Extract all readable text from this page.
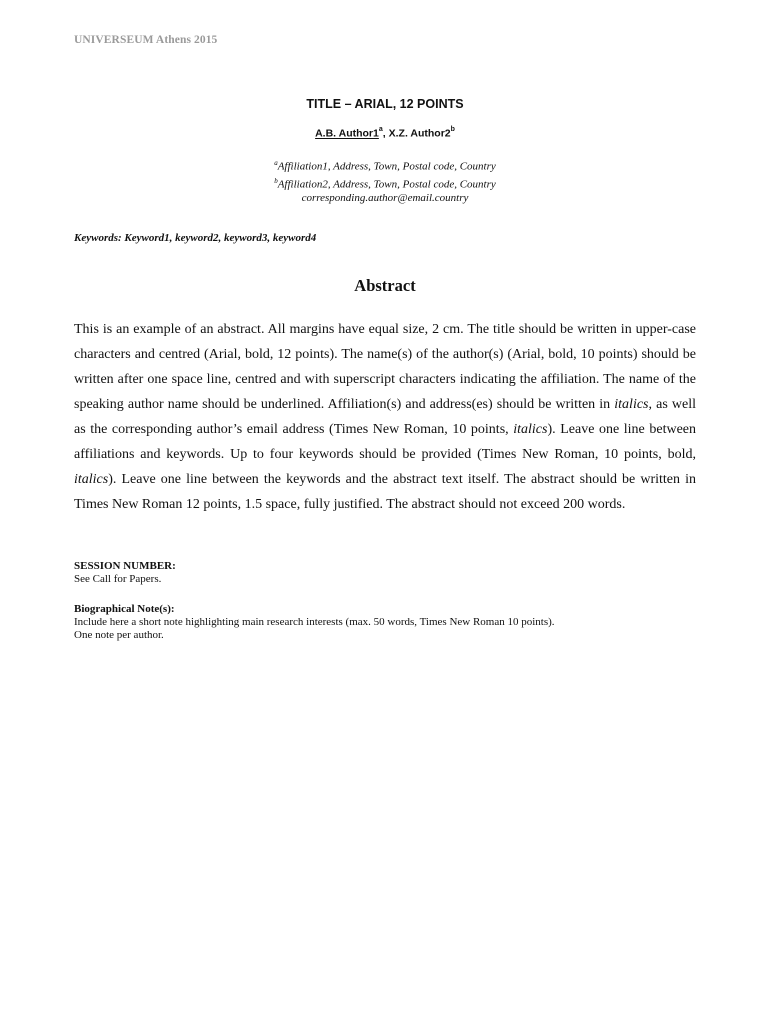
UNIVERSEUM Athens 2015
TITLE – ARIAL, 12 POINTS
A.B. Author1$^a$, X.Z. Author2$^b$
$^a$Affiliation1, Address, Town, Postal code, Country
$^b$Affiliation2, Address, Town, Postal code, Country
corresponding.author@email.country
Keywords: Keyword1, keyword2, keyword3, keyword4
Abstract

This is an example of an abstract. All margins have equal size, 2 cm. The title should be written in upper-case characters and centred (Arial, bold, 12 points). The name(s) of the author(s) (Arial, bold, 10 points) should be written after one space line, centred and with superscript characters indicating the affiliation. The name of the speaking author name should be underlined. Affiliation(s) and address(es) should be written in italics, as well as the corresponding author’s email address (Times New Roman, 10 points, italics). Leave one line between affiliations and keywords. Up to four keywords should be provided (Times New Roman, 10 points, bold, italics). Leave one line between the keywords and the abstract text itself. The abstract should be written in Times New Roman 12 points, 1.5 space, fully justified. The abstract should not exceed 200 words.

SESSION NUMBER:
See Call for Papers.
Biographical Note(s):
Include here a short note highlighting main research interests (max. 50 words, Times New Roman 10 points).
One note per author.
